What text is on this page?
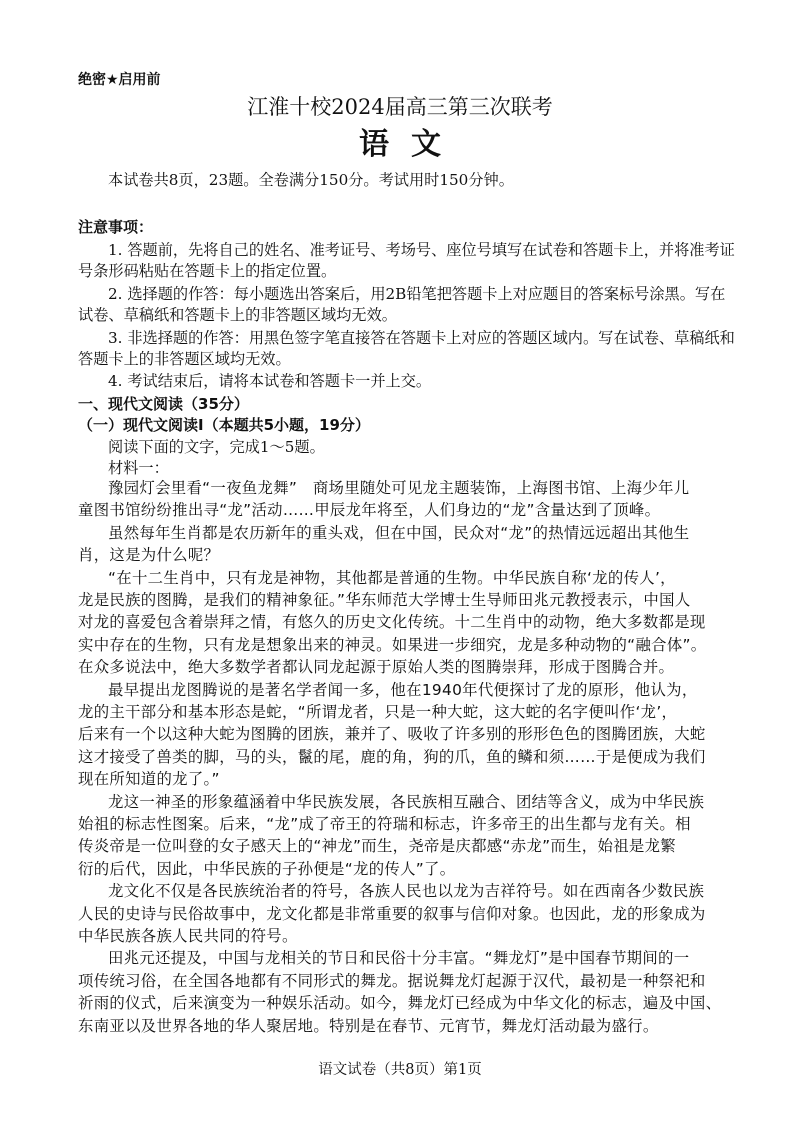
绝密★启用前
江淮十校2024届高三第三次联考
语文
本试卷共8页，23题。全卷满分150分。考试用时150分钟。
注意事项：
1. 答题前，先将自己的姓名、准考证号、考场号、座位号填写在试卷和答题卡上，并将准考证
号条形码粘贴在答题卡上的指定位置。
2. 选择题的作答：每小题选出答案后，用2B铅笔把答题卡上对应题目的答案标号涂黑。写在
试卷、草稿纸和答题卡上的非答题区域均无效。
3. 非选择题的作答：用黑色签字笔直接答在答题卡上对应的答题区域内。写在试卷、草稿纸和
答题卡上的非答题区域均无效。
4. 考试结束后，请将本试卷和答题卡一并上交。
一、现代文阅读（35分）
（一）现代文阅读Ⅰ（本题共5小题，19分）
阅读下面的文字，完成1～5题。
材料一：
豫园灯会里看“一夜鱼龙舞”　商场里随处可见龙主题装饰，上海图书馆、上海少年儿
童图书馆纷纷推出寻“龙”活动……甲辰龙年将至，人们身边的“龙”含量达到了顶峰。
虽然每年生肖都是农历新年的重头戏，但在中国，民众对“龙”的热情远远超出其他生
肖，这是为什么呢？
“在十二生肖中，只有龙是神物，其他都是普通的生物。中华民族自称‘龙的传人’，
龙是民族的图腾，是我们的精神象征。”华东师范大学博士生导师田兆元教授表示，中国人
对龙的喜爱包含着崇拜之情，有悠久的历史文化传统。十二生肖中的动物，绝大多数都是现
实中存在的生物，只有龙是想象出来的神灵。如果进一步细究，龙是多种动物的“融合体”。
在众多说法中，绝大多数学者都认同龙起源于原始人类的图腾崇拜，形成于图腾合并。
最早提出龙图腾说的是著名学者闻一多，他在1940年代便探讨了龙的原形，他认为，
龙的主干部分和基本形态是蛇，“所谓龙者，只是一种大蛇，这大蛇的名字便叫作‘龙’，
后来有一个以这种大蛇为图腾的团族，兼并了、吸收了许多别的形形色色的图腾团族，大蛇
这才接受了兽类的脚，马的头，鬣的尾，鹿的角，狗的爪，鱼的鳞和须……于是便成为我们
现在所知道的龙了。”
龙这一神圣的形象蕴涵着中华民族发展，各民族相互融合、团结等含义，成为中华民族
始祖的标志性图案。后来，“龙”成了帝王的符瑞和标志，许多帝王的出生都与龙有关。相
传炎帝是一位叫登的女子感天上的“神龙”而生，尧帝是庆都感“赤龙”而生，始祖是龙繁
衍的后代，因此，中华民族的子孙便是“龙的传人”了。
龙文化不仅是各民族统治者的符号，各族人民也以龙为吉祥符号。如在西南各少数民族
人民的史诗与民俗故事中，龙文化都是非常重要的叙事与信仰对象。也因此，龙的形象成为
中华民族各族人民共同的符号。
田兆元还提及，中国与龙相关的节日和民俗十分丰富。“舞龙灯”是中国春节期间的一
项传统习俗，在全国各地都有不同形式的舞龙。据说舞龙灯起源于汉代，最初是一种祭祀和
祈雨的仪式，后来演变为一种娱乐活动。如今，舞龙灯已经成为中华文化的标志，遍及中国、
语文试卷（共8页）第1页
东南亚以及世界各地的华人聚居地。特别是在春节、元宵节，舞龙灯活动最为盛行。
